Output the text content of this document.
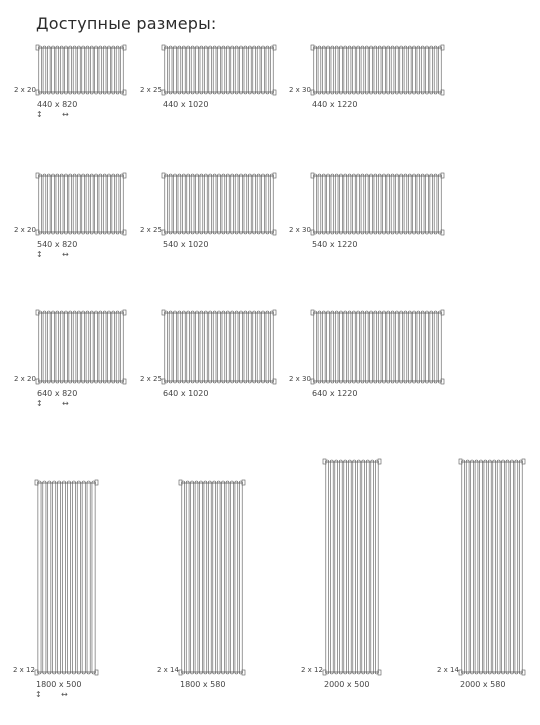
Доступные размеры:
2 x 20
440 x 820
↕ ↔
2 x 25
440 x 1020
2 x 30
440 x 1220
2 x 20
540 x 820
↕ ↔
2 x 25
540 x 1020
2 x 30
540 x 1220
2 x 20
640 x 820
↕ ↔
2 x 25
640 x 1020
2 x 30
640 x 1220
2 x 12
1800 x 500
↕ ↔
2 x 14
1800 x 580
2 x 12
2000 x 500
2 x 14
2000 x 580
